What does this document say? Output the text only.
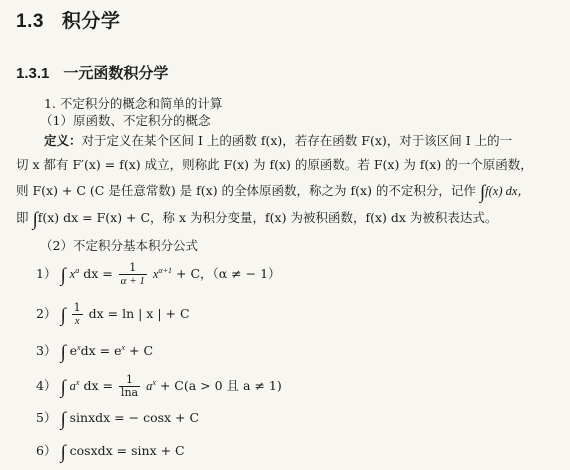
1.3 积分学
1.3.1 一元函数积分学
1. 不定积分的概念和简单的计算
（1）原函数、不定积分的概念
定义：对于定义在某个区间 I 上的函数 f(x)，若存在函数 F(x)，对于该区间 I 上的一
切 x 都有 F′(x) = f(x) 成立，则称此 F(x) 为 f(x) 的原函数。若 F(x) 为 f(x) 的一个原函数，
则 F(x) + C (C 是任意常数) 是 f(x) 的全体原函数，称之为 f(x) 的不定积分，记作 ∫f(x) dx，
即 ∫f(x) dx = F(x) + C，称 x 为积分变量，f(x) 为被积函数，f(x) dx 为被积表达式。
（2）不定积分基本积分公式
1） ∫ $x^a$ dx = $\frac{1}{\alpha + 1} x^{\alpha+1} + C$，（α ≠ − 1）
2） ∫ $\frac{1}{x}$ dx = ln | x | + C
3） ∫ $e^xdx = e^x + C$
4） ∫ $a^x$ dx = $\frac{1}{\ln a} a^x + C(a > 0$ 且 a ≠ 1)
5） ∫ sinxdx = − cosx + C
6） ∫ cosxdx = sinx + C
